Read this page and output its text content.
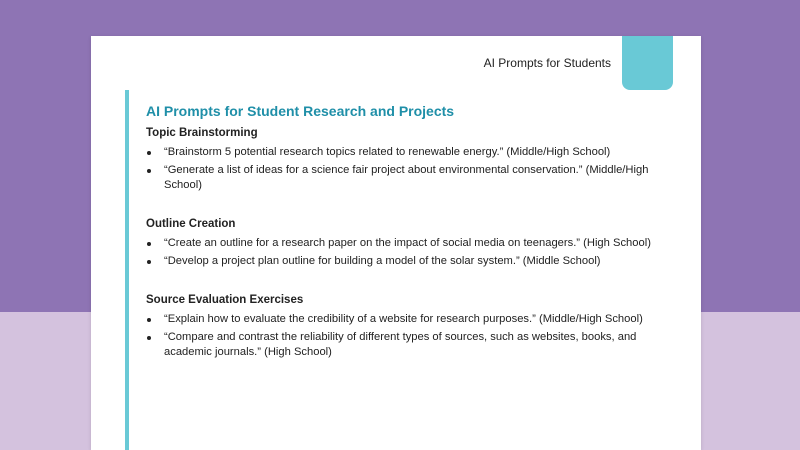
AI Prompts for Students
AI Prompts for Student Research and Projects
Topic Brainstorming
“Brainstorm 5 potential research topics related to renewable energy.” (Middle/High School)
“Generate a list of ideas for a science fair project about environmental conservation.” (Middle/High School)
Outline Creation
“Create an outline for a research paper on the impact of social media on teenagers.” (High School)
“Develop a project plan outline for building a model of the solar system.” (Middle School)
Source Evaluation Exercises
“Explain how to evaluate the credibility of a website for research purposes.” (Middle/High School)
“Compare and contrast the reliability of different types of sources, such as websites, books, and academic journals.” (High School)
